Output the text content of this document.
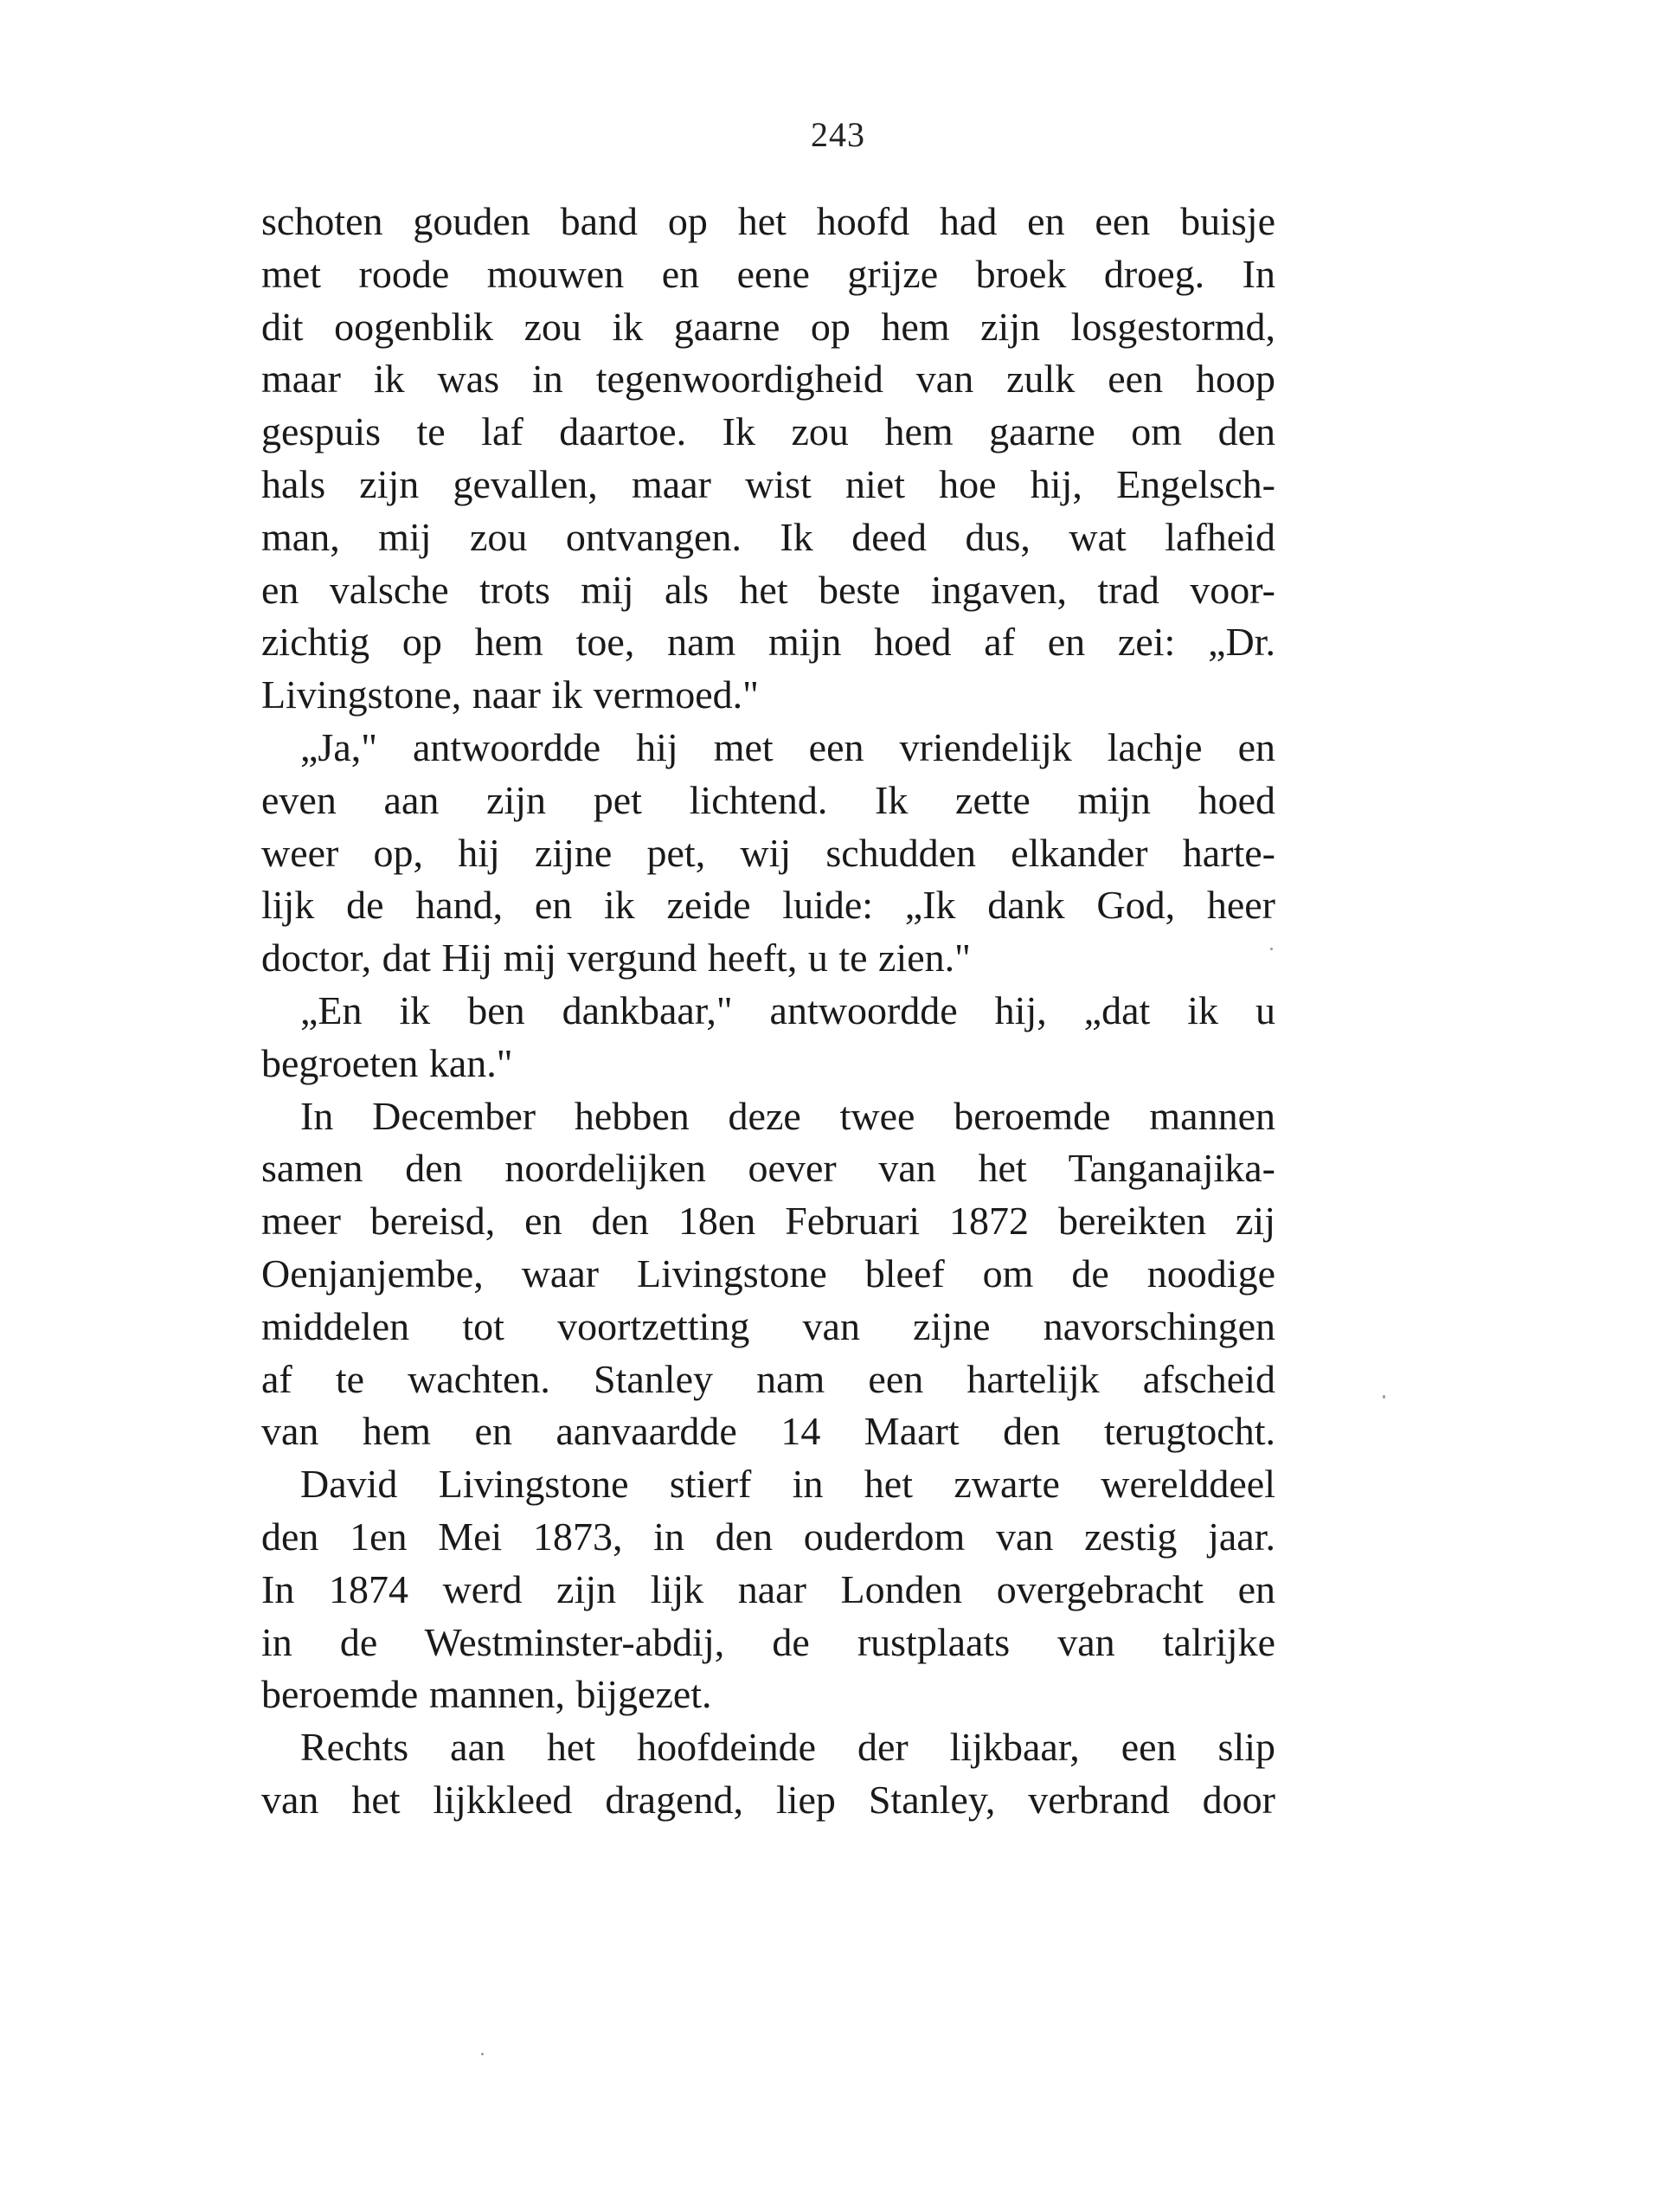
243
schoten gouden band op het hoofd had en een buisje
met roode mouwen en eene grijze broek droeg. In
dit oogenblik zou ik gaarne op hem zijn losgestormd,
maar ik was in tegenwoordigheid van zulk een hoop
gespuis te laf daartoe. Ik zou hem gaarne om den
hals zijn gevallen, maar wist niet hoe hij, Engelsch-
man, mij zou ontvangen. Ik deed dus, wat lafheid
en valsche trots mij als het beste ingaven, trad voor-
zichtig op hem toe, nam mijn hoed af en zei: „Dr.
Livingstone, naar ik vermoed."
„Ja," antwoordde hij met een vriendelijk lachje en
even aan zijn pet lichtend. Ik zette mijn hoed
weer op, hij zijne pet, wij schudden elkander harte-
lijk de hand, en ik zeide luide: „Ik dank God, heer
doctor, dat Hij mij vergund heeft, u te zien."
„En ik ben dankbaar," antwoordde hij, „dat ik u
begroeten kan."
In December hebben deze twee beroemde mannen
samen den noordelijken oever van het Tanganajika-
meer bereisd, en den 18en Februari 1872 bereikten zij
Oenjanjembe, waar Livingstone bleef om de noodige
middelen tot voortzetting van zijne navorschingen
af te wachten. Stanley nam een hartelijk afscheid
van hem en aanvaardde 14 Maart den terugtocht.
David Livingstone stierf in het zwarte werelddeel
den 1en Mei 1873, in den ouderdom van zestig jaar.
In 1874 werd zijn lijk naar Londen overgebracht en
in de Westminster-abdij, de rustplaats van talrijke
beroemde mannen, bijgezet.
Rechts aan het hoofdeinde der lijkbaar, een slip
van het lijkkleed dragend, liep Stanley, verbrand door
